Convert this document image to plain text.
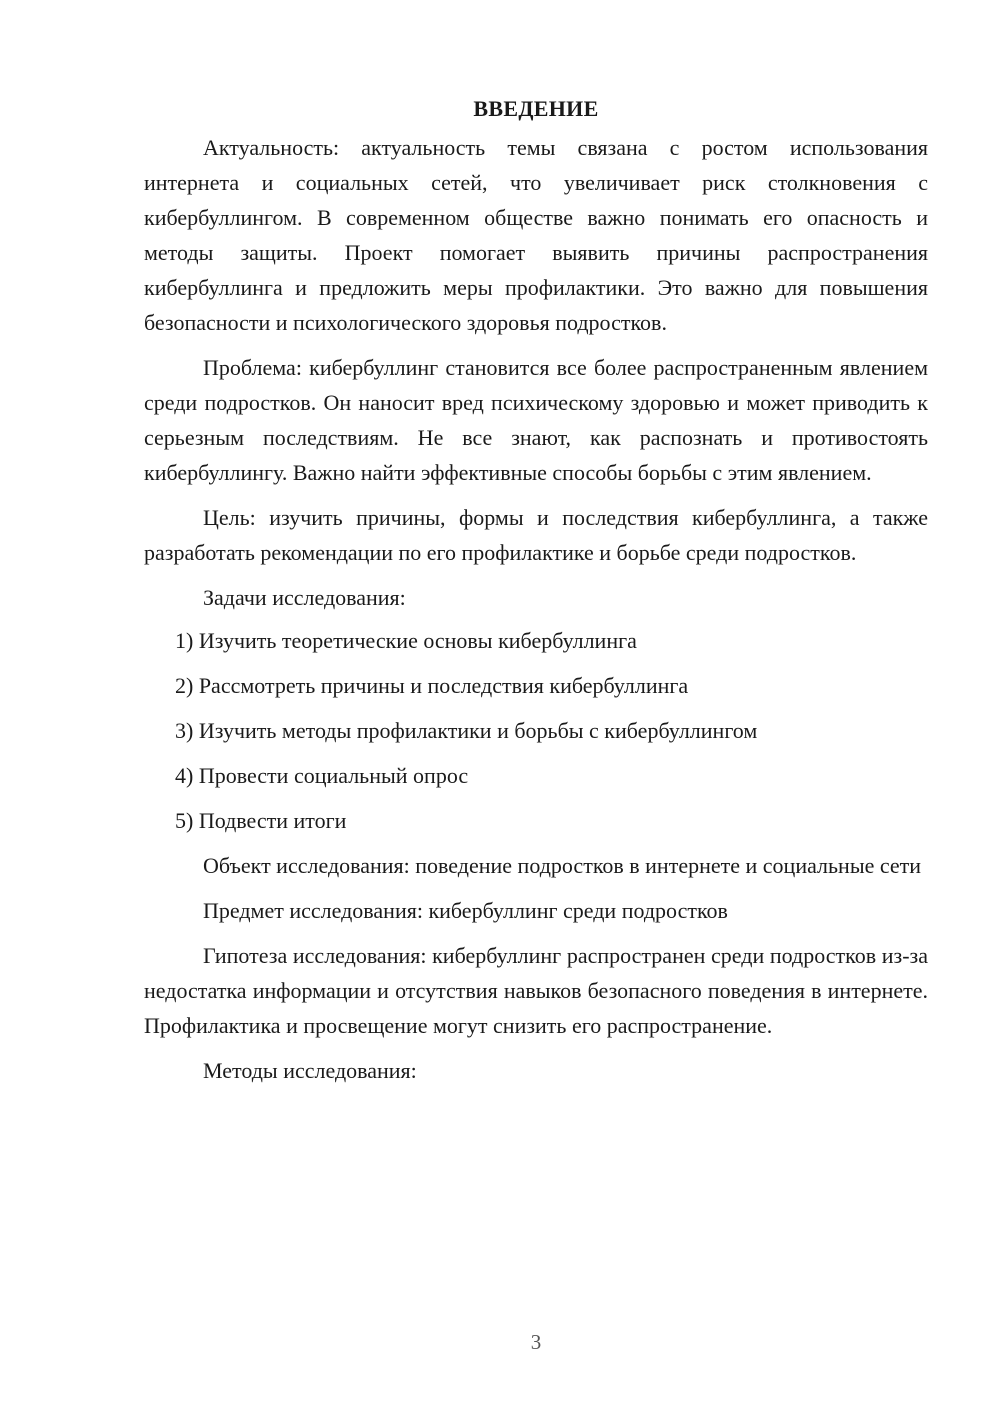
ВВЕДЕНИЕ

Актуальность: актуальность темы связана с ростом использования интернета и социальных сетей, что увеличивает риск столкновения с кибербуллингом. В современном обществе важно понимать его опасность и методы защиты. Проект помогает выявить причины распространения кибербуллинга и предложить меры профилактики. Это важно для повышения безопасности и психологического здоровья подростков.

Проблема: кибербуллинг становится все более распространенным явлением среди подростков. Он наносит вред психическому здоровью и может приводить к серьезным последствиям. Не все знают, как распознать и противостоять кибербуллингу. Важно найти эффективные способы борьбы с этим явлением.

Цель: изучить причины, формы и последствия кибербуллинга, а также разработать рекомендации по его профилактике и борьбе среди подростков.

Задачи исследования:

1) Изучить теоретические основы кибербуллинга
2) Рассмотреть причины и последствия кибербуллинга
3) Изучить методы профилактики и борьбы с кибербуллингом
4) Провести социальный опрос
5) Подвести итоги

Объект исследования: поведение подростков в интернете и социальные сети

Предмет исследования: кибербуллинг среди подростков

Гипотеза исследования: кибербуллинг распространен среди подростков из-за недостатка информации и отсутствия навыков безопасного поведения в интернете. Профилактика и просвещение могут снизить его распространение.

Методы исследования:

3
